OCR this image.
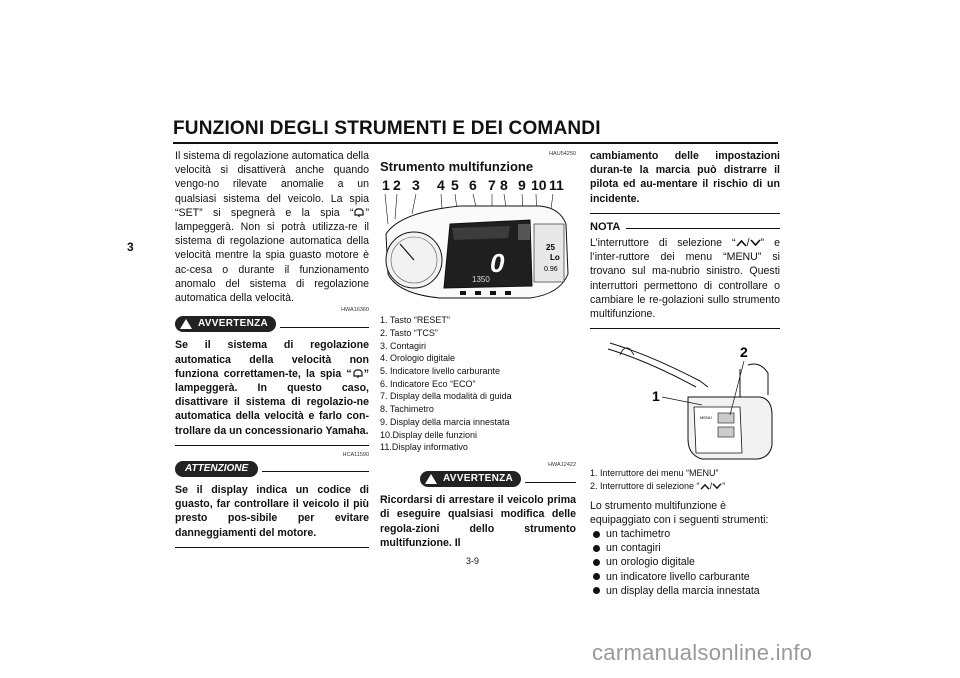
FUNZIONI DEGLI STRUMENTI E DEI COMANDI
3
Il sistema di regolazione automatica della velocità si disattiverà anche quando vengo-no rilevate anomalie a un qualsiasi sistema del veicolo. La spia “SET” si spegnerà e la spia “ ” lampeggerà. Non si potrà utilizza-re il sistema di regolazione automatica della velocità mentre la spia guasto motore è ac-cesa o durante il funzionamento anomalo del sistema di regolazione automatica della velocità.
HWA16360
AVVERTENZA
Se il sistema di regolazione automatica della velocità non funziona correttamen-te, la spia “ ” lampeggerà. In questo caso, disattivare il sistema di regolazio-ne automatica della velocità e farlo con-trollare da un concessionario Yamaha.
HCA11590
ATTENZIONE
Se il display indica un codice di guasto, far controllare il veicolo il più presto pos-sibile per evitare danneggiamenti del motore.
HAU54250
Strumento multifunzione
1 2 3 4 5 6 7 8 9 10 11
0
1350
25
Lo
0.96
1. Tasto “RESET”
2. Tasto “TCS”
3. Contagiri
4. Orologio digitale
5. Indicatore livello carburante
6. Indicatore Eco “ECO”
7. Display della modalità di guida
8. Tachimetro
9. Display della marcia innestata
10.Display delle funzioni
11.Display informativo
HWA12422
AVVERTENZA
Ricordarsi di arrestare il veicolo prima di eseguire qualsiasi modifica delle regola-zioni dello strumento multifunzione. Il
cambiamento delle impostazioni duran-te la marcia può distrarre il pilota ed au-mentare il rischio di un incidente.
NOTA
L’interruttore di selezione “ / ” e l’inter-ruttore dei menu “MENU” si trovano sul ma-nubrio sinistro. Questi interruttori permettono di controllare o cambiare le re-golazioni sullo strumento multifunzione.
MENU
1
2
1. Interruttore dei menu “MENU”
2. Interruttore di selezione “ / ”
Lo strumento multifunzione è equipaggiato con i seguenti strumenti:
un tachimetro
un contagiri
un orologio digitale
un indicatore livello carburante
un display della marcia innestata
3-9
carmanualsonline.info
